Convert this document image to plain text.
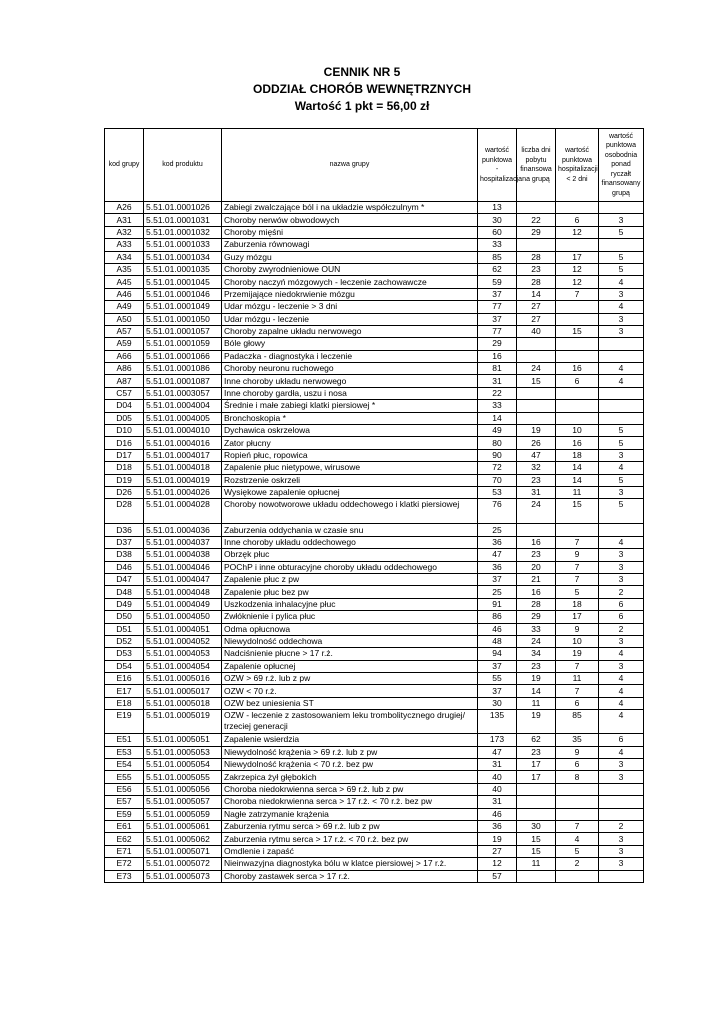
CENNIK NR 5
ODDZIAŁ CHORÓB WEWNĘTRZNYCH
Wartość 1 pkt = 56,00 zł
kod grupy	kod produktu	nazwa grupy	wartość punktowa - hospitalizacja	liczba dni pobytu finansowa na grupą	wartość punktowa hospitalizacji < 2 dni	wartość punktowa osobodnia ponad ryczałt finansowany grupą
A26	5.51.01.0001026	Zabiegi zwalczające ból i na układzie współczulnym *	13			
A31	5.51.01.0001031	Choroby nerwów obwodowych	30	22	6	3
A32	5.51.01.0001032	Choroby mięśni	60	29	12	5
A33	5.51.01.0001033	Zaburzenia równowagi	33			
A34	5.51.01.0001034	Guzy mózgu	85	28	17	5
A35	5.51.01.0001035	Choroby zwyrodnieniowe OUN	62	23	12	5
A45	5.51.01.0001045	Choroby naczyń mózgowych - leczenie zachowawcze	59	28	12	4
A46	5.51.01.0001046	Przemijające niedokrwienie mózgu	37	14	7	3
A49	5.51.01.0001049	Udar mózgu - leczenie > 3 dni	77	27		4
A50	5.51.01.0001050	Udar mózgu - leczenie	37	27		3
A57	5.51.01.0001057	Choroby zapalne układu nerwowego	77	40	15	3
A59	5.51.01.0001059	Bóle głowy	29			
A66	5.51.01.0001066	Padaczka - diagnostyka i leczenie	16			
A86	5.51.01.0001086	Choroby neuronu ruchowego	81	24	16	4
A87	5.51.01.0001087	Inne choroby układu nerwowego	31	15	6	4
C57	5.51.01.0003057	Inne choroby gardła, uszu i nosa	22			
D04	5.51.01.0004004	Średnie i małe zabiegi klatki piersiowej *	33			
D05	5.51.01.0004005	Bronchoskopia *	14			
D10	5.51.01.0004010	Dychawica oskrzelowa	49	19	10	5
D16	5.51.01.0004016	Zator płucny	80	26	16	5
D17	5.51.01.0004017	Ropień płuc, ropowica	90	47	18	3
D18	5.51.01.0004018	Zapalenie płuc nietypowe, wirusowe	72	32	14	4
D19	5.51.01.0004019	Rozstrzenie oskrzeli	70	23	14	5
D26	5.51.01.0004026	Wysiękowe zapalenie opłucnej	53	31	11	3
D28	5.51.01.0004028	Choroby nowotworowe układu oddechowego i klatki piersiowej	76	24	15	5
D36	5.51.01.0004036	Zaburzenia oddychania w czasie snu	25			
D37	5.51.01.0004037	Inne choroby układu oddechowego	36	16	7	4
D38	5.51.01.0004038	Obrzęk płuc	47	23	9	3
D46	5.51.01.0004046	POChP i inne obturacyjne choroby układu oddechowego	36	20	7	3
D47	5.51.01.0004047	Zapalenie płuc z pw	37	21	7	3
D48	5.51.01.0004048	Zapalenie płuc bez pw	25	16	5	2
D49	5.51.01.0004049	Uszkodzenia inhalacyjne płuc	91	28	18	6
D50	5.51.01.0004050	Zwłóknienie i pylica płuc	86	29	17	6
D51	5.51.01.0004051	Odma opłucnowa	46	33	9	2
D52	5.51.01.0004052	Niewydolność oddechowa	48	24	10	3
D53	5.51.01.0004053	Nadciśnienie płucne > 17 r.ż.	94	34	19	4
D54	5.51.01.0004054	Zapalenie opłucnej	37	23	7	3
E16	5.51.01.0005016	OZW > 69 r.ż. lub z pw	55	19	11	4
E17	5.51.01.0005017	OZW < 70 r.ż.	37	14	7	4
E18	5.51.01.0005018	OZW bez uniesienia ST	30	11	6	4
E19	5.51.01.0005019	OZW - leczenie z zastosowaniem leku trombolitycznego drugiej/ trzeciej generacji	135	19	85	4
E51	5.51.01.0005051	Zapalenie wsierdzia	173	62	35	6
E53	5.51.01.0005053	Niewydolność krążenia > 69 r.ż. lub z pw	47	23	9	4
E54	5.51.01.0005054	Niewydolność krążenia < 70 r.ż. bez pw	31	17	6	3
E55	5.51.01.0005055	Zakrzepica żył głębokich	40	17	8	3
E56	5.51.01.0005056	Choroba niedokrwienna serca > 69 r.ż. lub z pw	40			
E57	5.51.01.0005057	Choroba niedokrwienna serca > 17 r.ż. < 70 r.ż. bez pw	31			
E59	5.51.01.0005059	Nagłe zatrzymanie krążenia	46			
E61	5.51.01.0005061	Zaburzenia rytmu serca > 69 r.ż. lub z pw	36	30	7	2
E62	5.51.01.0005062	Zaburzenia rytmu serca > 17 r.ż. < 70 r.ż. bez pw	19	15	4	3
E71	5.51.01.0005071	Omdlenie i zapaść	27	15	5	3
E72	5.51.01.0005072	Nieinwazyjna diagnostyka bólu w klatce piersiowej > 17 r.ż.	12	11	2	3
E73	5.51.01.0005073	Choroby zastawek serca > 17 r.ż.	57			
